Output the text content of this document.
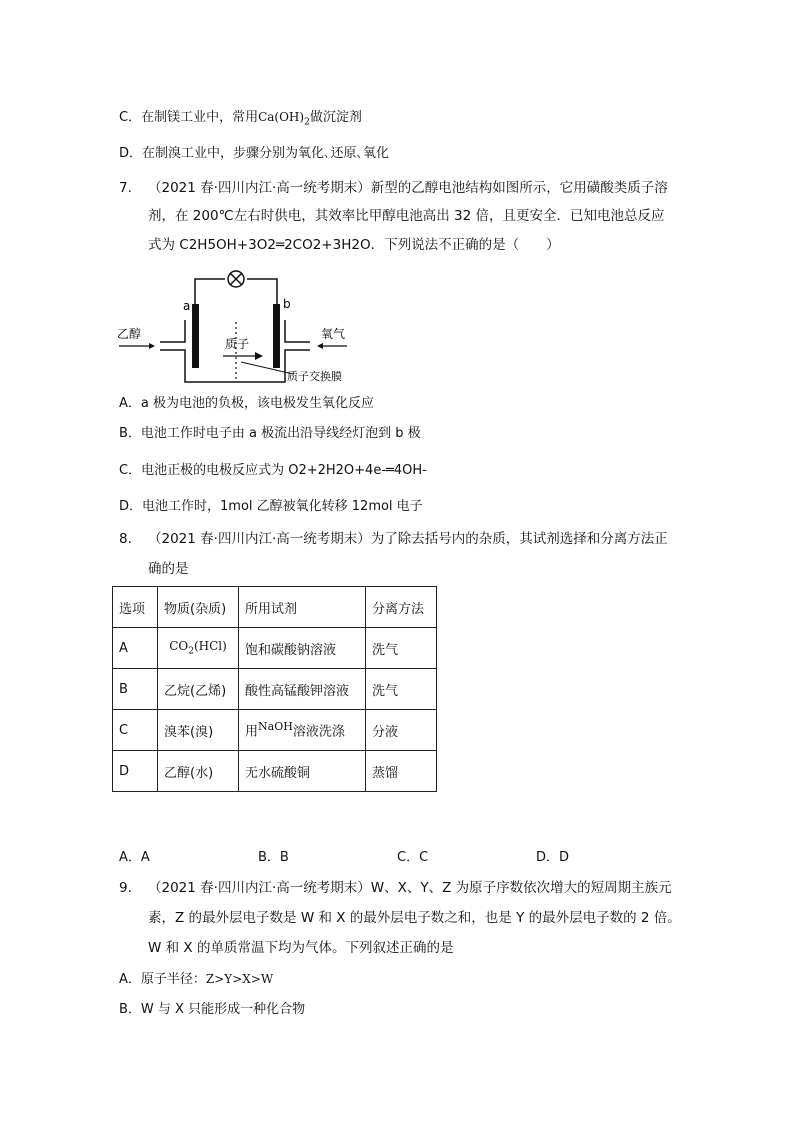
C．在制镁工业中，常用$Ca(OH)_2$做沉淀剂
D．在制溴工业中，步骤分别为氧化､还原､氧化
7. （2021 春·四川内江·高一统考期末）新型的乙醇电池结构如图所示，它用磺酸类质子溶
剂，在 200℃左右时供电，其效率比甲醇电池高出 32 倍，且更安全．已知电池总反应
式为 C2H5OH+3O2═2CO2+3H2O．下列说法不正确的是（　　）
乙醇	氧气
a	b
质子
质子交换膜
A．a 极为电池的负极，该电极发生氧化反应
B．电池工作时电子由 a 极流出沿导线经灯泡到 b 极
C．电池正极的电极反应式为 O2+2H2O+4e-═4OH-
D．电池工作时，1mol 乙醇被氧化转移 12mol 电子
8. （2021 春·四川内江·高一统考期末）为了除去括号内的杂质，其试剂选择和分离方法正
确的是
选项	物质(杂质)	所用试剂	分离方法
A	$CO_2(HCl)$	饱和碳酸钠溶液	洗气
B	乙烷(乙烯)	酸性高锰酸钾溶液	洗气
C	溴苯(溴)	用$^{NaOH}$溶液洗涤	分液
D	乙醇(水)	无水硫酸铜	蒸馏
A．A	B．B	C．C	D．D
9. （2021 春·四川内江·高一统考期末）W、X、Y、Z 为原子序数依次增大的短周期主族元
素，Z 的最外层电子数是 W 和 X 的最外层电子数之和，也是 Y 的最外层电子数的 2 倍。
W 和 X 的单质常温下均为气体。下列叙述正确的是
A．原子半径：Z>Y>X>W
B．W 与 X 只能形成一种化合物
